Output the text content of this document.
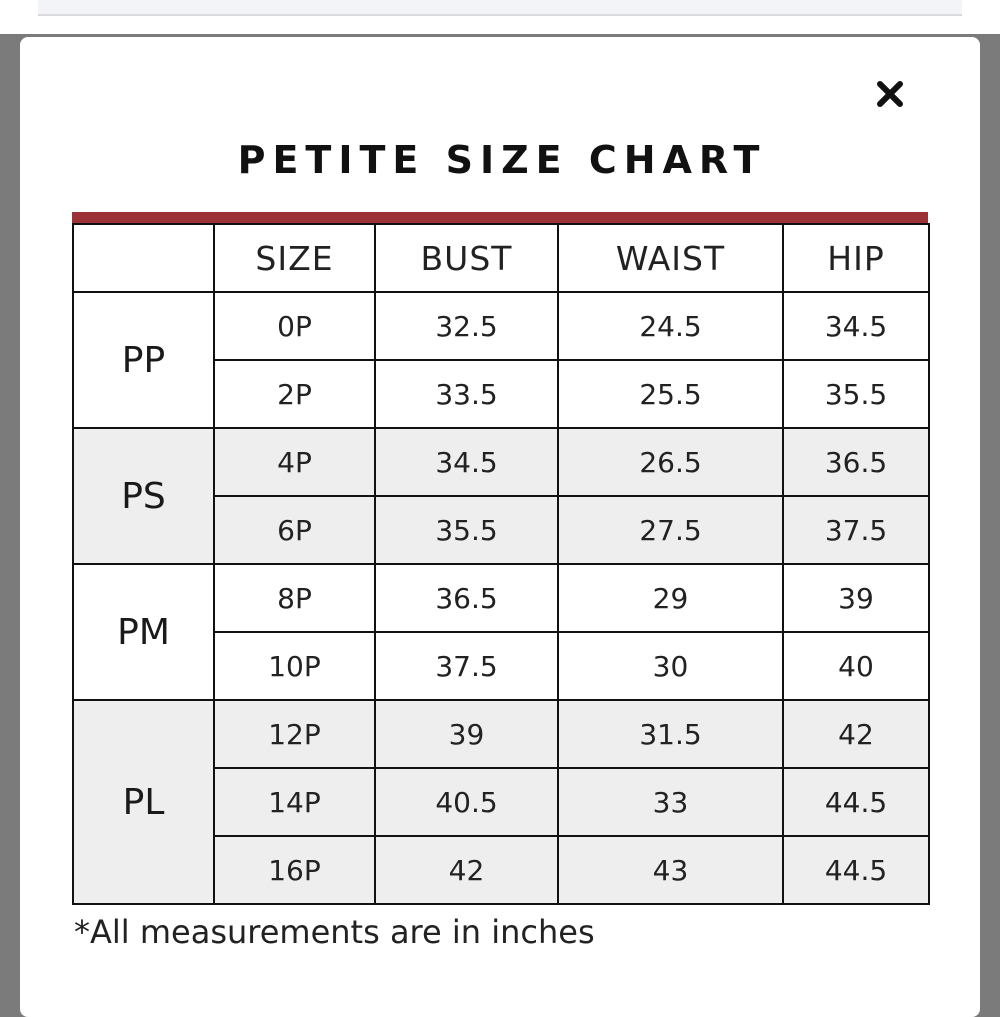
PETITE SIZE CHART
	SIZE	BUST	WAIST	HIP
PP	0P	32.5	24.5	34.5
	2P	33.5	25.5	35.5
PS	4P	34.5	26.5	36.5
	6P	35.5	27.5	37.5
PM	8P	36.5	29	39
	10P	37.5	30	40
PL	12P	39	31.5	42
	14P	40.5	33	44.5
	16P	42	43	44.5

*All measurements are in inches
